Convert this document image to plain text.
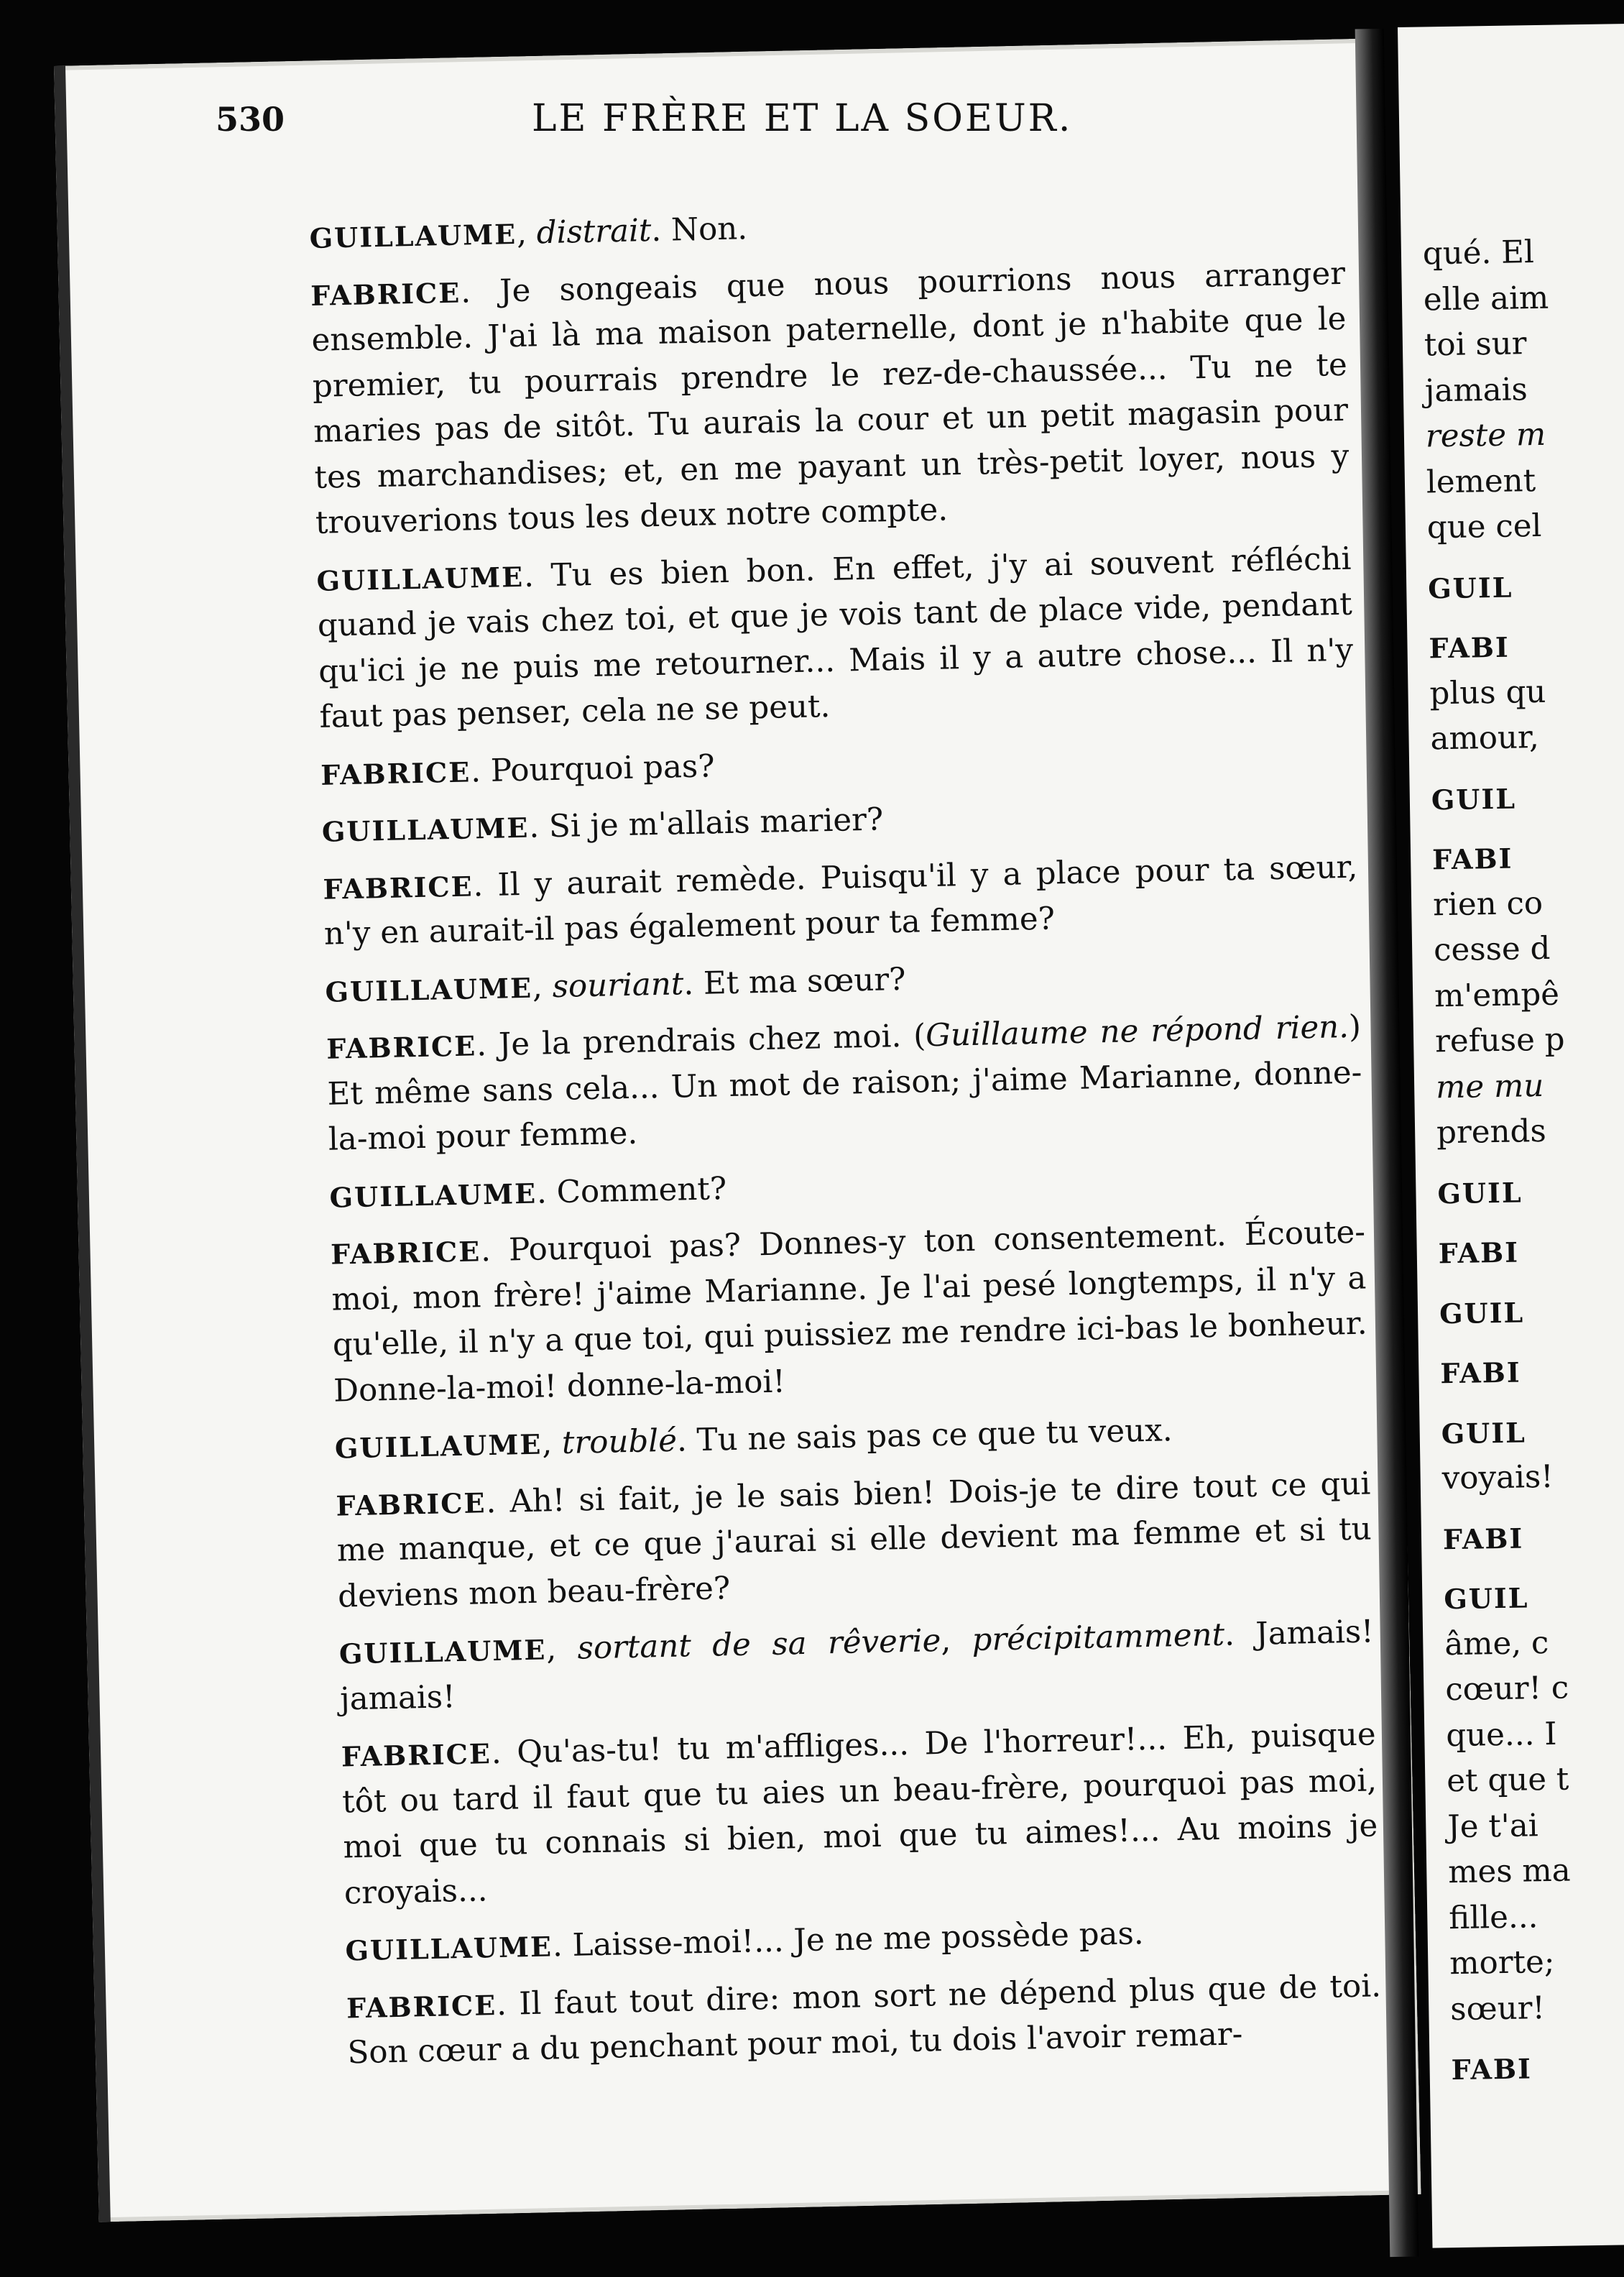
qué. El
elle aim
toi sur
jamais
reste m
lement
que cel
GUIL
FABI
plus qu
amour,
GUIL
FABI
rien co
cesse d
m'empê
refuse p
me mu
prends
GUIL
FABI
GUIL
FABI
GUIL
voyais!
FABI
GUIL
âme, c
cœur! c
que... I
et que t
Je t'ai
mes ma
fille...
morte;
sœur!
FABI
530	LE FRÈRE ET LA SOEUR.

GUILLAUME, distrait. Non.

FABRICE. Je songeais que nous pourrions nous arranger ensemble. J'ai là ma maison paternelle, dont je n'habite que le premier, tu pourrais prendre le rez-de-chaussée... Tu ne te maries pas de sitôt. Tu aurais la cour et un petit magasin pour tes marchandises; et, en me payant un très-petit loyer, nous y trouverions tous les deux notre compte.

GUILLAUME. Tu es bien bon. En effet, j'y ai souvent réfléchi quand je vais chez toi, et que je vois tant de place vide, pendant qu'ici je ne puis me retourner... Mais il y a autre chose... Il n'y faut pas penser, cela ne se peut.

FABRICE. Pourquoi pas?

GUILLAUME. Si je m'allais marier?

FABRICE. Il y aurait remède. Puisqu'il y a place pour ta sœur, n'y en aurait-il pas également pour ta femme?

GUILLAUME, souriant. Et ma sœur?

FABRICE. Je la prendrais chez moi. (Guillaume ne répond rien.) Et même sans cela... Un mot de raison; j'aime Marianne, donne-la-moi pour femme.

GUILLAUME. Comment?

FABRICE. Pourquoi pas? Donnes-y ton consentement. Écoute-moi, mon frère! j'aime Marianne. Je l'ai pesé longtemps, il n'y a qu'elle, il n'y a que toi, qui puissiez me rendre ici-bas le bonheur. Donne-la-moi! donne-la-moi!

GUILLAUME, troublé. Tu ne sais pas ce que tu veux.

FABRICE. Ah! si fait, je le sais bien! Dois-je te dire tout ce qui me manque, et ce que j'aurai si elle devient ma femme et si tu deviens mon beau-frère?

GUILLAUME, sortant de sa rêverie, précipitamment. Jamais! jamais!

FABRICE. Qu'as-tu! tu m'affliges... De l'horreur!... Eh, puisque tôt ou tard il faut que tu aies un beau-frère, pourquoi pas moi, moi que tu connais si bien, moi que tu aimes!... Au moins je croyais...

GUILLAUME. Laisse-moi!... Je ne me possède pas.

FABRICE. Il faut tout dire: mon sort ne dépend plus que de toi. Son cœur a du penchant pour moi, tu dois l'avoir remar-
